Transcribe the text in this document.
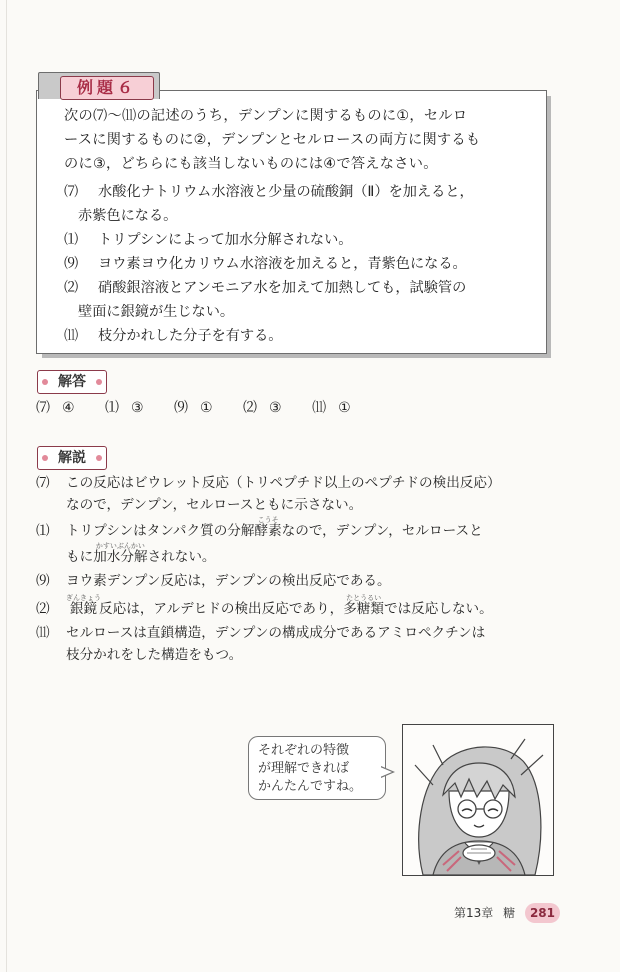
例題６
次の⑺〜⑾の記述のうち，デンプンに関するものに①，セルロ
ースに関するものに②，デンプンとセルロースの両方に関するも
のに③，どちらにも該当しないものには④で答えなさい。
⑺ 水酸化ナトリウム水溶液と少量の硫酸銅（Ⅱ）を加えると，
赤紫色になる。
⑴ トリプシンによって加水分解されない。
⑼ ヨウ素ヨウ化カリウム水溶液を加えると，青紫色になる。
⑵ 硝酸銀溶液とアンモニア水を加えて加熱しても，試験管の
壁面に銀鏡が生じない。
⑾ 枝分かれした分子を有する。
解答
⑺ ④ ⑴ ③ ⑼ ① ⑵ ③ ⑾ ①
解説
⑺ この反応はビウレット反応（トリペプチド以上のペプチドの検出反応）
なので，デンプン，セルロースともに示さない。
⑴ トリプシンはタンパク質の分解酵素こうそなので，デンプン，セルロースと
もに加水分解かすいぶんかいされない。
⑼ ヨウ素デンプン反応は，デンプンの検出反応である。
⑵ 銀鏡ぎんきょう反応は，アルデヒドの検出反応であり，多糖類たとうるいでは反応しない。
⑾ セルロースは直鎖構造，デンプンの構成成分であるアミロペクチンは
枝分かれをした構造をもつ。
それぞれの特徴
が理解できれば
かんたんですね。
第13章 糖 281
